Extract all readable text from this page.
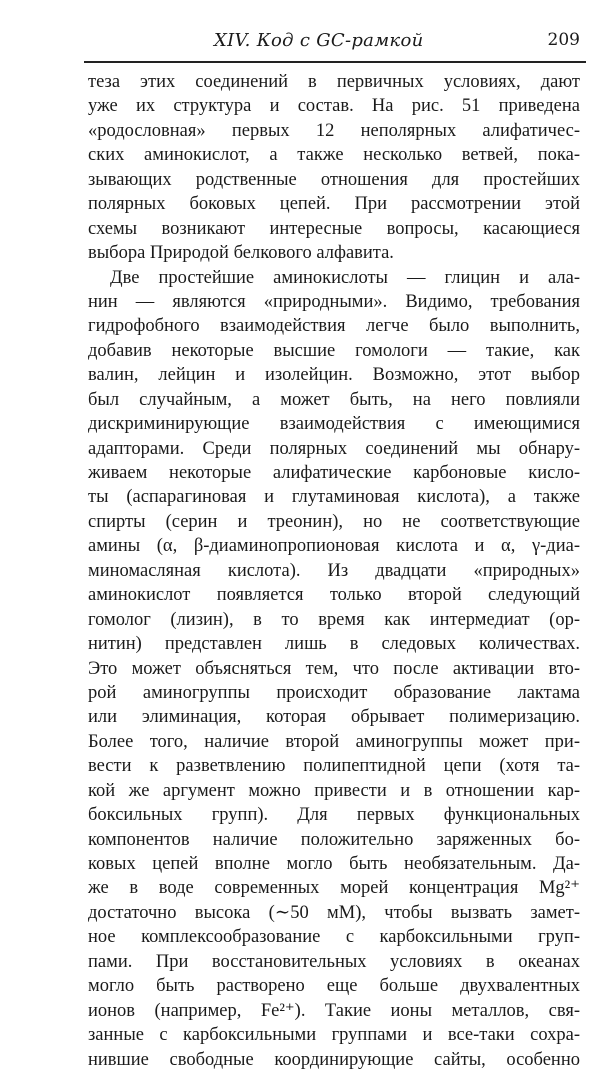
XIV. Код с GC-рамкой	209
теза этих соединений в первичных условиях, дают
уже их структура и состав. На рис. 51 приведена
«родословная» первых 12 неполярных алифатичес-
ских аминокислот, а также несколько ветвей, пока-
зывающих родственные отношения для простейших
полярных боковых цепей. При рассмотрении этой
схемы возникают интересные вопросы, касающиеся
выбора Природой белкового алфавита.
Две простейшие аминокислоты — глицин и ала-
нин — являются «природными». Видимо, требования
гидрофобного взаимодействия легче было выполнить,
добавив некоторые высшие гомологи — такие, как
валин, лейцин и изолейцин. Возможно, этот выбор
был случайным, а может быть, на него повлияли
дискриминирующие взаимодействия с имеющимися
адапторами. Среди полярных соединений мы обнару-
живаем некоторые алифатические карбоновые кисло-
ты (аспарагиновая и глутаминовая кислота), а также
спирты (серин и треонин), но не соответствующие
амины (α, β-диаминопропионовая кислота и α, γ-диа-
миномасляная кислота). Из двадцати «природных»
аминокислот появляется только второй следующий
гомолог (лизин), в то время как интермедиат (ор-
нитин) представлен лишь в следовых количествах.
Это может объясняться тем, что после активации вто-
рой аминогруппы происходит образование лактама
или элиминация, которая обрывает полимеризацию.
Более того, наличие второй аминогруппы может при-
вести к разветвлению полипептидной цепи (хотя та-
кой же аргумент можно привести и в отношении кар-
боксильных групп). Для первых функциональных
компонентов наличие положительно заряженных бо-
ковых цепей вполне могло быть необязательным. Да-
же в воде современных морей концентрация Mg²⁺
достаточно высока (∼50 мМ), чтобы вызвать замет-
ное комплексообразование с карбоксильными груп-
пами. При восстановительных условиях в океанах
могло быть растворено еще больше двухвалентных
ионов (например, Fe²⁺). Такие ионы металлов, свя-
занные с карбоксильными группами и все-таки сохра-
нившие свободные координирующие сайты, особенно
